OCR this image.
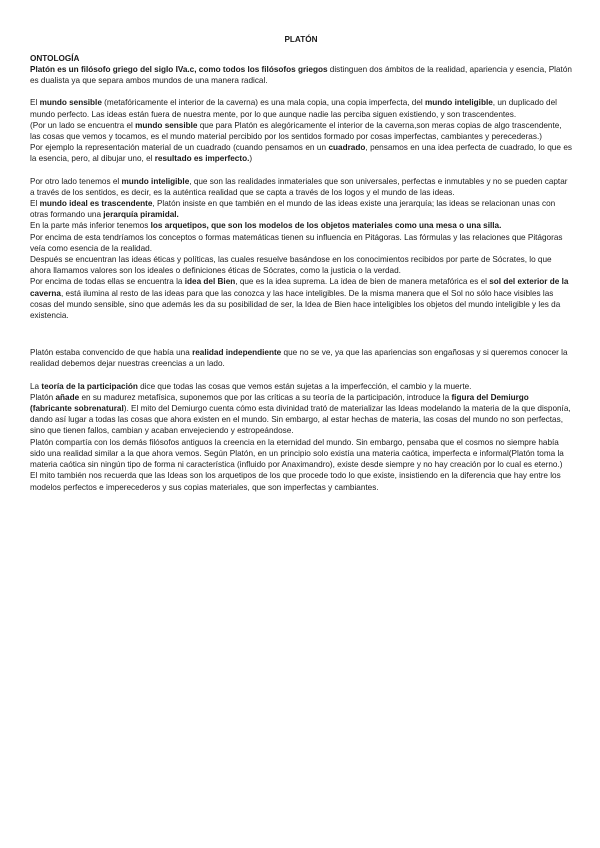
PLATÓN
ONTOLOGÍA

Platón es un filósofo griego del siglo IVa.c, como todos los filósofos griegos distinguen dos ámbitos de la realidad, apariencia y esencia, Platón es dualista ya que separa ambos mundos de una manera radical.

El mundo sensible (metafóricamente el interior de la caverna) es una mala copia, una copia imperfecta, del mundo inteligible, un duplicado del mundo perfecto. Las ideas están fuera de nuestra mente, por lo que aunque nadie las perciba siguen existiendo, y son trascendentes.

(Por un lado se encuentra el mundo sensible que para Platón es alegóricamente el interior de la caverna,son meras copias de algo trascendente, las cosas que vemos y tocamos, es el mundo material percibido por los sentidos formado por cosas imperfectas, cambiantes y perecederas.)

Por ejemplo la representación material de un cuadrado (cuando pensamos en un cuadrado, pensamos en una idea perfecta de cuadrado, lo que es la esencia, pero, al dibujar uno, el resultado es imperfecto.)

Por otro lado tenemos el mundo inteligible, que son las realidades inmateriales que son universales, perfectas e inmutables y no se pueden captar a través de los sentidos, es decir, es la auténtica realidad que se capta a través de los logos y el mundo de las ideas.

El mundo ideal es trascendente, Platón insiste en que también en el mundo de las ideas existe una jerarquía; las ideas se relacionan unas con otras formando una jerarquía piramidal.

En la parte más inferior tenemos los arquetipos, que son los modelos de los objetos materiales como una mesa o una silla.

Por encima de esta tendríamos los conceptos o formas matemáticas tienen su influencia en Pitágoras. Las fórmulas y las relaciones que Pitágoras veía como esencia de la realidad.

Después se encuentran las ideas éticas y políticas, las cuales resuelve basándose en los conocimientos recibidos por parte de Sócrates, lo que ahora llamamos valores son los ideales o definiciones éticas de Sócrates, como la justicia o la verdad.

Por encima de todas ellas se encuentra la idea del Bien, que es la idea suprema. La idea de bien de manera metafórica es el sol del exterior de la caverna, está ilumina al resto de las ideas para que las conozca y las hace inteligibles. De la misma manera que el Sol no sólo hace visibles las cosas del mundo sensible, sino que además les da su posibilidad de ser, la Idea de Bien hace inteligibles los objetos del mundo inteligible y les da existencia.

Platón estaba convencido de que había una realidad independiente que no se ve, ya que las apariencias son engañosas y si queremos conocer la realidad debemos dejar nuestras creencias a un lado.

La teoría de la participación dice que todas las cosas que vemos están sujetas a la imperfección, el cambio y la muerte.

Platón añade en su madurez metafísica, suponemos que por las críticas a su teoría de la participación, introduce la figura del Demiurgo (fabricante sobrenatural). El mito del Demiurgo cuenta cómo esta divinidad trató de materializar las Ideas modelando la materia de la que disponía, dando así lugar a todas las cosas que ahora existen en el mundo. Sin embargo, al estar hechas de materia, las cosas del mundo no son perfectas, sino que tienen fallos, cambian y acaban envejeciendo y estropeándose.

Platón compartía con los demás filósofos antiguos la creencia en la eternidad del mundo. Sin embargo, pensaba que el cosmos no siempre había sido una realidad similar a la que ahora vemos. Según Platón, en un principio solo existía una materia caótica, imperfecta e informal(Platón toma la materia caótica sin ningún tipo de forma ni característica (influido por Anaximandro), existe desde siempre y no hay creación por lo cual es eterno.)

El mito también nos recuerda que las Ideas son los arquetipos de los que procede todo lo que existe, insistiendo en la diferencia que hay entre los modelos perfectos e imperecederos y sus copias materiales, que son imperfectas y cambiantes.
